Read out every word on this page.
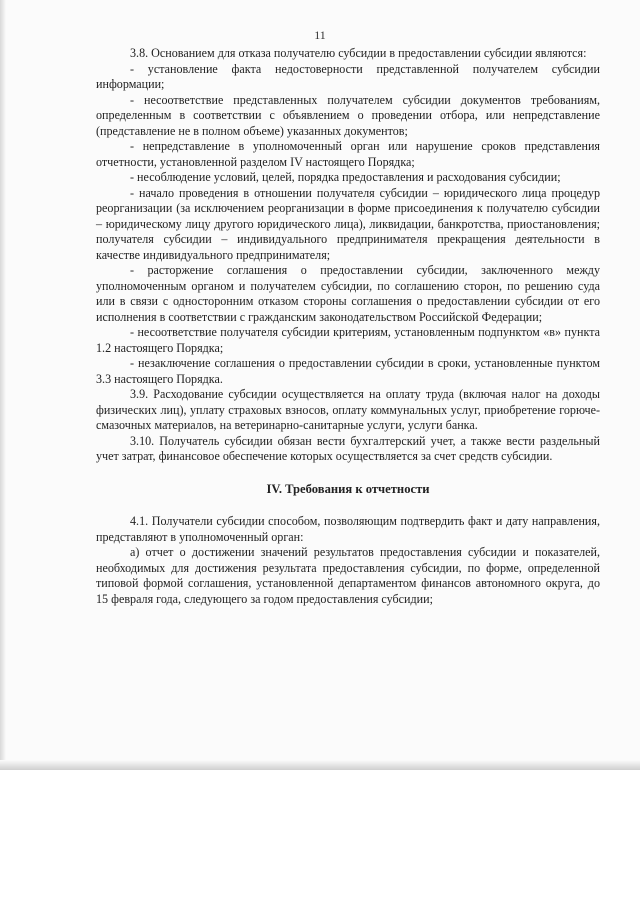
11

3.8. Основанием для отказа получателю субсидии в предоставлении субсидии являются:

- установление факта недостоверности представленной получателем субсидии информации;

- несоответствие представленных получателем субсидии документов требованиям, определенным в соответствии с объявлением о проведении отбора, или непредставление (представление не в полном объеме) указанных документов;

- непредставление в уполномоченный орган или нарушение сроков представления отчетности, установленной разделом IV настоящего Порядка;

- несоблюдение условий, целей, порядка предоставления и расходования субсидии;

- начало проведения в отношении получателя субсидии – юридического лица процедур реорганизации (за исключением реорганизации в форме присоединения к получателю субсидии – юридическому лицу другого юридического лица), ликвидации, банкротства, приостановления; получателя субсидии – индивидуального предпринимателя прекращения деятельности в качестве индивидуального предпринимателя;

- расторжение соглашения о предоставлении субсидии, заключенного между уполномоченным органом и получателем субсидии, по соглашению сторон, по решению суда или в связи с односторонним отказом стороны соглашения о предоставлении субсидии от его исполнения в соответствии с гражданским законодательством Российской Федерации;

- несоответствие получателя субсидии критериям, установленным подпунктом «в» пункта 1.2 настоящего Порядка;

- незаключение соглашения о предоставлении субсидии в сроки, установленные пунктом 3.3 настоящего Порядка.

3.9. Расходование субсидии осуществляется на оплату труда (включая налог на доходы физических лиц), уплату страховых взносов, оплату коммунальных услуг, приобретение горюче-смазочных материалов, на ветеринарно-санитарные услуги, услуги банка.

3.10. Получатель субсидии обязан вести бухгалтерский учет, а также вести раздельный учет затрат, финансовое обеспечение которых осуществляется за счет средств субсидии.

IV. Требования к отчетности

4.1. Получатели субсидии способом, позволяющим подтвердить факт и дату направления, представляют в уполномоченный орган:

а) отчет о достижении значений результатов предоставления субсидии и показателей, необходимых для достижения результата предоставления субсидии, по форме, определенной типовой формой соглашения, установленной департаментом финансов автономного округа, до 15 февраля года, следующего за годом предоставления субсидии;
